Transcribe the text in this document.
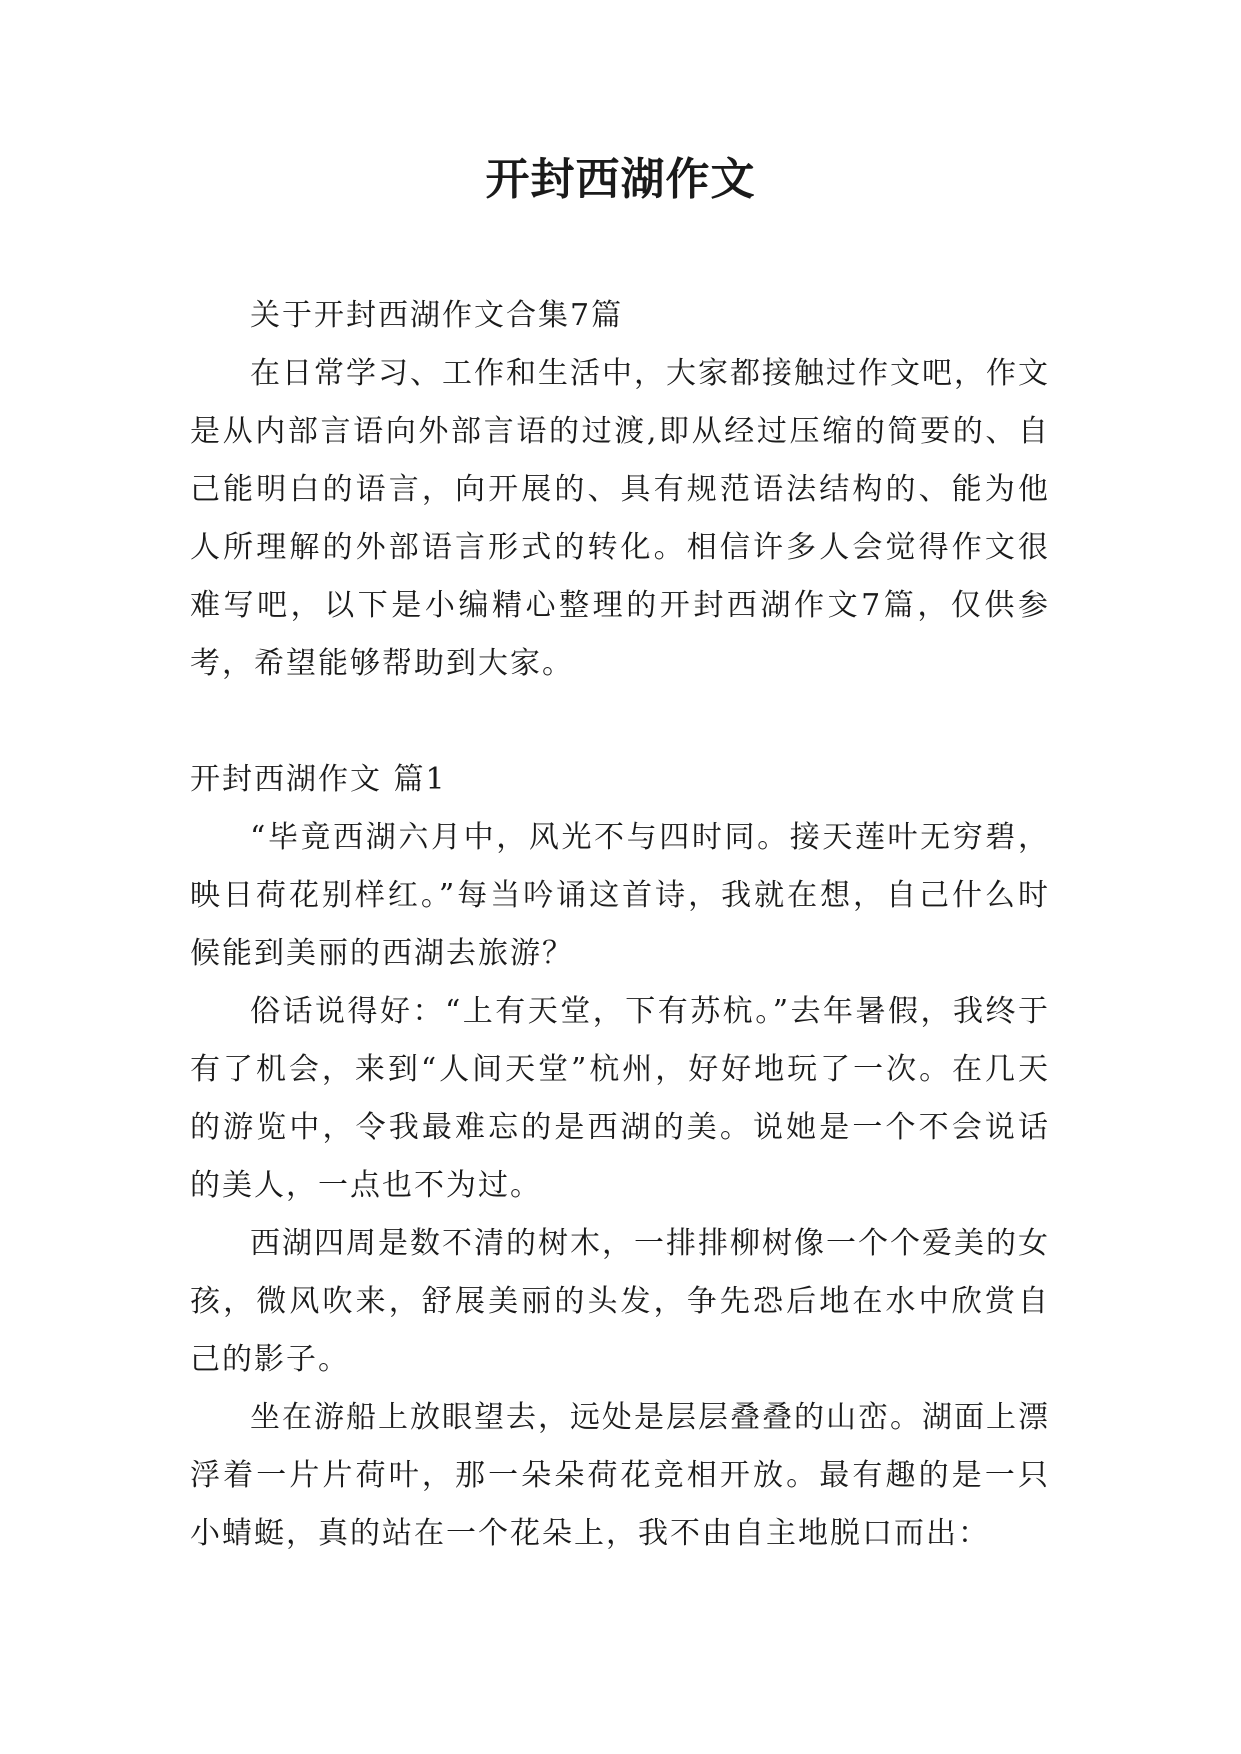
开封西湖作文

关于开封西湖作文合集7篇

在日常学习、工作和生活中，大家都接触过作文吧，作文是从内部言语向外部言语的过渡,即从经过压缩的简要的、自己能明白的语言，向开展的、具有规范语法结构的、能为他人所理解的外部语言形式的转化。相信许多人会觉得作文很难写吧，以下是小编精心整理的开封西湖作文7篇，仅供参考，希望能够帮助到大家。

开封西湖作文 篇1

“毕竟西湖六月中，风光不与四时同。接天莲叶无穷碧，映日荷花别样红。”每当吟诵这首诗，我就在想，自己什么时候能到美丽的西湖去旅游？

俗话说得好：“上有天堂，下有苏杭。”去年暑假，我终于有了机会，来到“人间天堂”杭州，好好地玩了一次。在几天的游览中，令我最难忘的是西湖的美。说她是一个不会说话的美人，一点也不为过。

西湖四周是数不清的树木，一排排柳树像一个个爱美的女孩，微风吹来，舒展美丽的头发，争先恐后地在水中欣赏自己的影子。

坐在游船上放眼望去，远处是层层叠叠的山峦。湖面上漂浮着一片片荷叶，那一朵朵荷花竞相开放。最有趣的是一只小蜻蜓，真的站在一个花朵上，我不由自主地脱口而出：
